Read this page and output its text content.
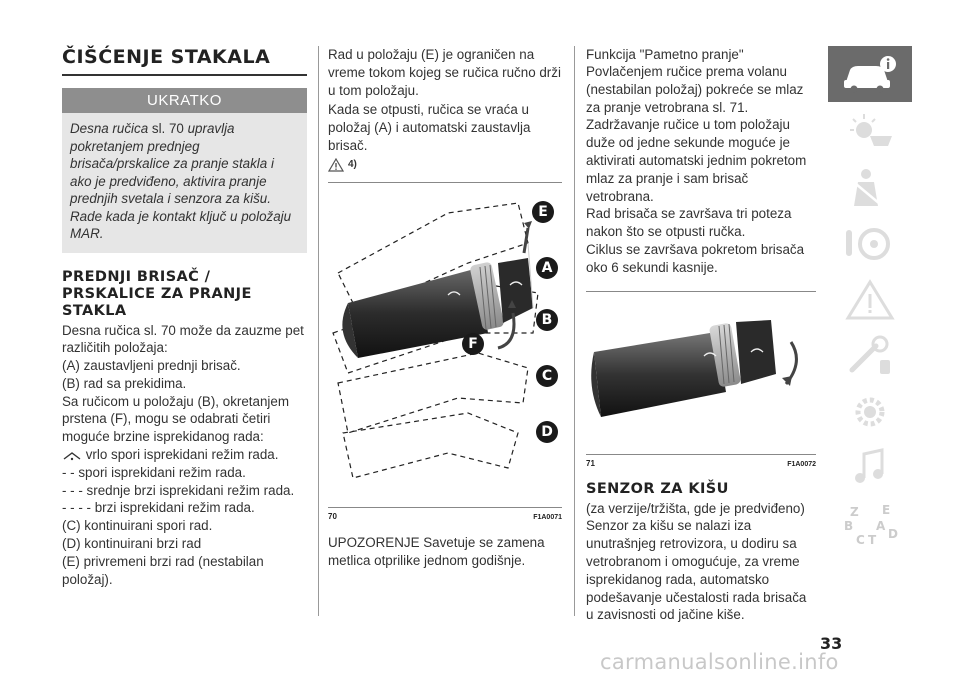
ČIŠĆENJE STAKALA
UKRATKO

Desna ručica sl. 70 upravlja pokretanjem prednjeg brisača/prskalice za pranje stakla i ako je predviđeno, aktivira pranje prednjih svetala i senzora za kišu.

Rade kada je kontakt ključ u položaju MAR.

PREDNJI BRISAČ / PRSKALICE ZA PRANJE STAKLA

Desna ručica sl. 70 može da zauzme pet različitih položaja:

(A) zaustavljeni prednji brisač.

(B) rad sa prekidima.

Sa ručicom u položaju (B), okretanjem prstena (F), mogu se odabrati četiri moguće brzine isprekidanog rada:

vrlo spori isprekidani režim rada.

- - spori isprekidani režim rada.

- - - srednje brzi isprekidani režim rada.

- - - - brzi isprekidani režim rada.

(C) kontinuirani spori rad.

(D) kontinuirani brzi rad

(E) privremeni brzi rad (nestabilan položaj).

Rad u položaju (E) je ograničen na vreme tokom kojeg se ručica ručno drži u tom položaju.

Kada se otpusti, ručica se vraća u položaj (A) i automatski zaustavlja brisač.

4)
E
A
B
F
C
D
70	F1A0071

UPOZORENJE Savetuje se zamena metlica otprilike jednom godišnje.

Funkcija "Pametno pranje"

Povlačenjem ručice prema volanu (nestabilan položaj) pokreće se mlaz za pranje vetrobrana sl. 71.

Zadržavanje ručice u tom položaju duže od jedne sekunde moguće je aktivirati automatski jednim pokretom mlaz za pranje i sam brisač vetrobrana.

Rad brisača se završava tri poteza nakon što se otpusti ručka.

Ciklus se završava pokretom brisača oko 6 sekundi kasnije.

71	F1A0072
SENZOR ZA KIŠU

(za verzije/tržišta, gde je predviđeno)

Senzor za kišu se nalazi iza unutrašnjeg retrovizora, u dodiru sa vetrobranom i omogućuje, za vreme isprekidanog rada, automatsko podešavanje učestalosti rada brisača u zavisnosti od jačine kiše.

Z E
B A
C T D
33
carmanualsonline.info
